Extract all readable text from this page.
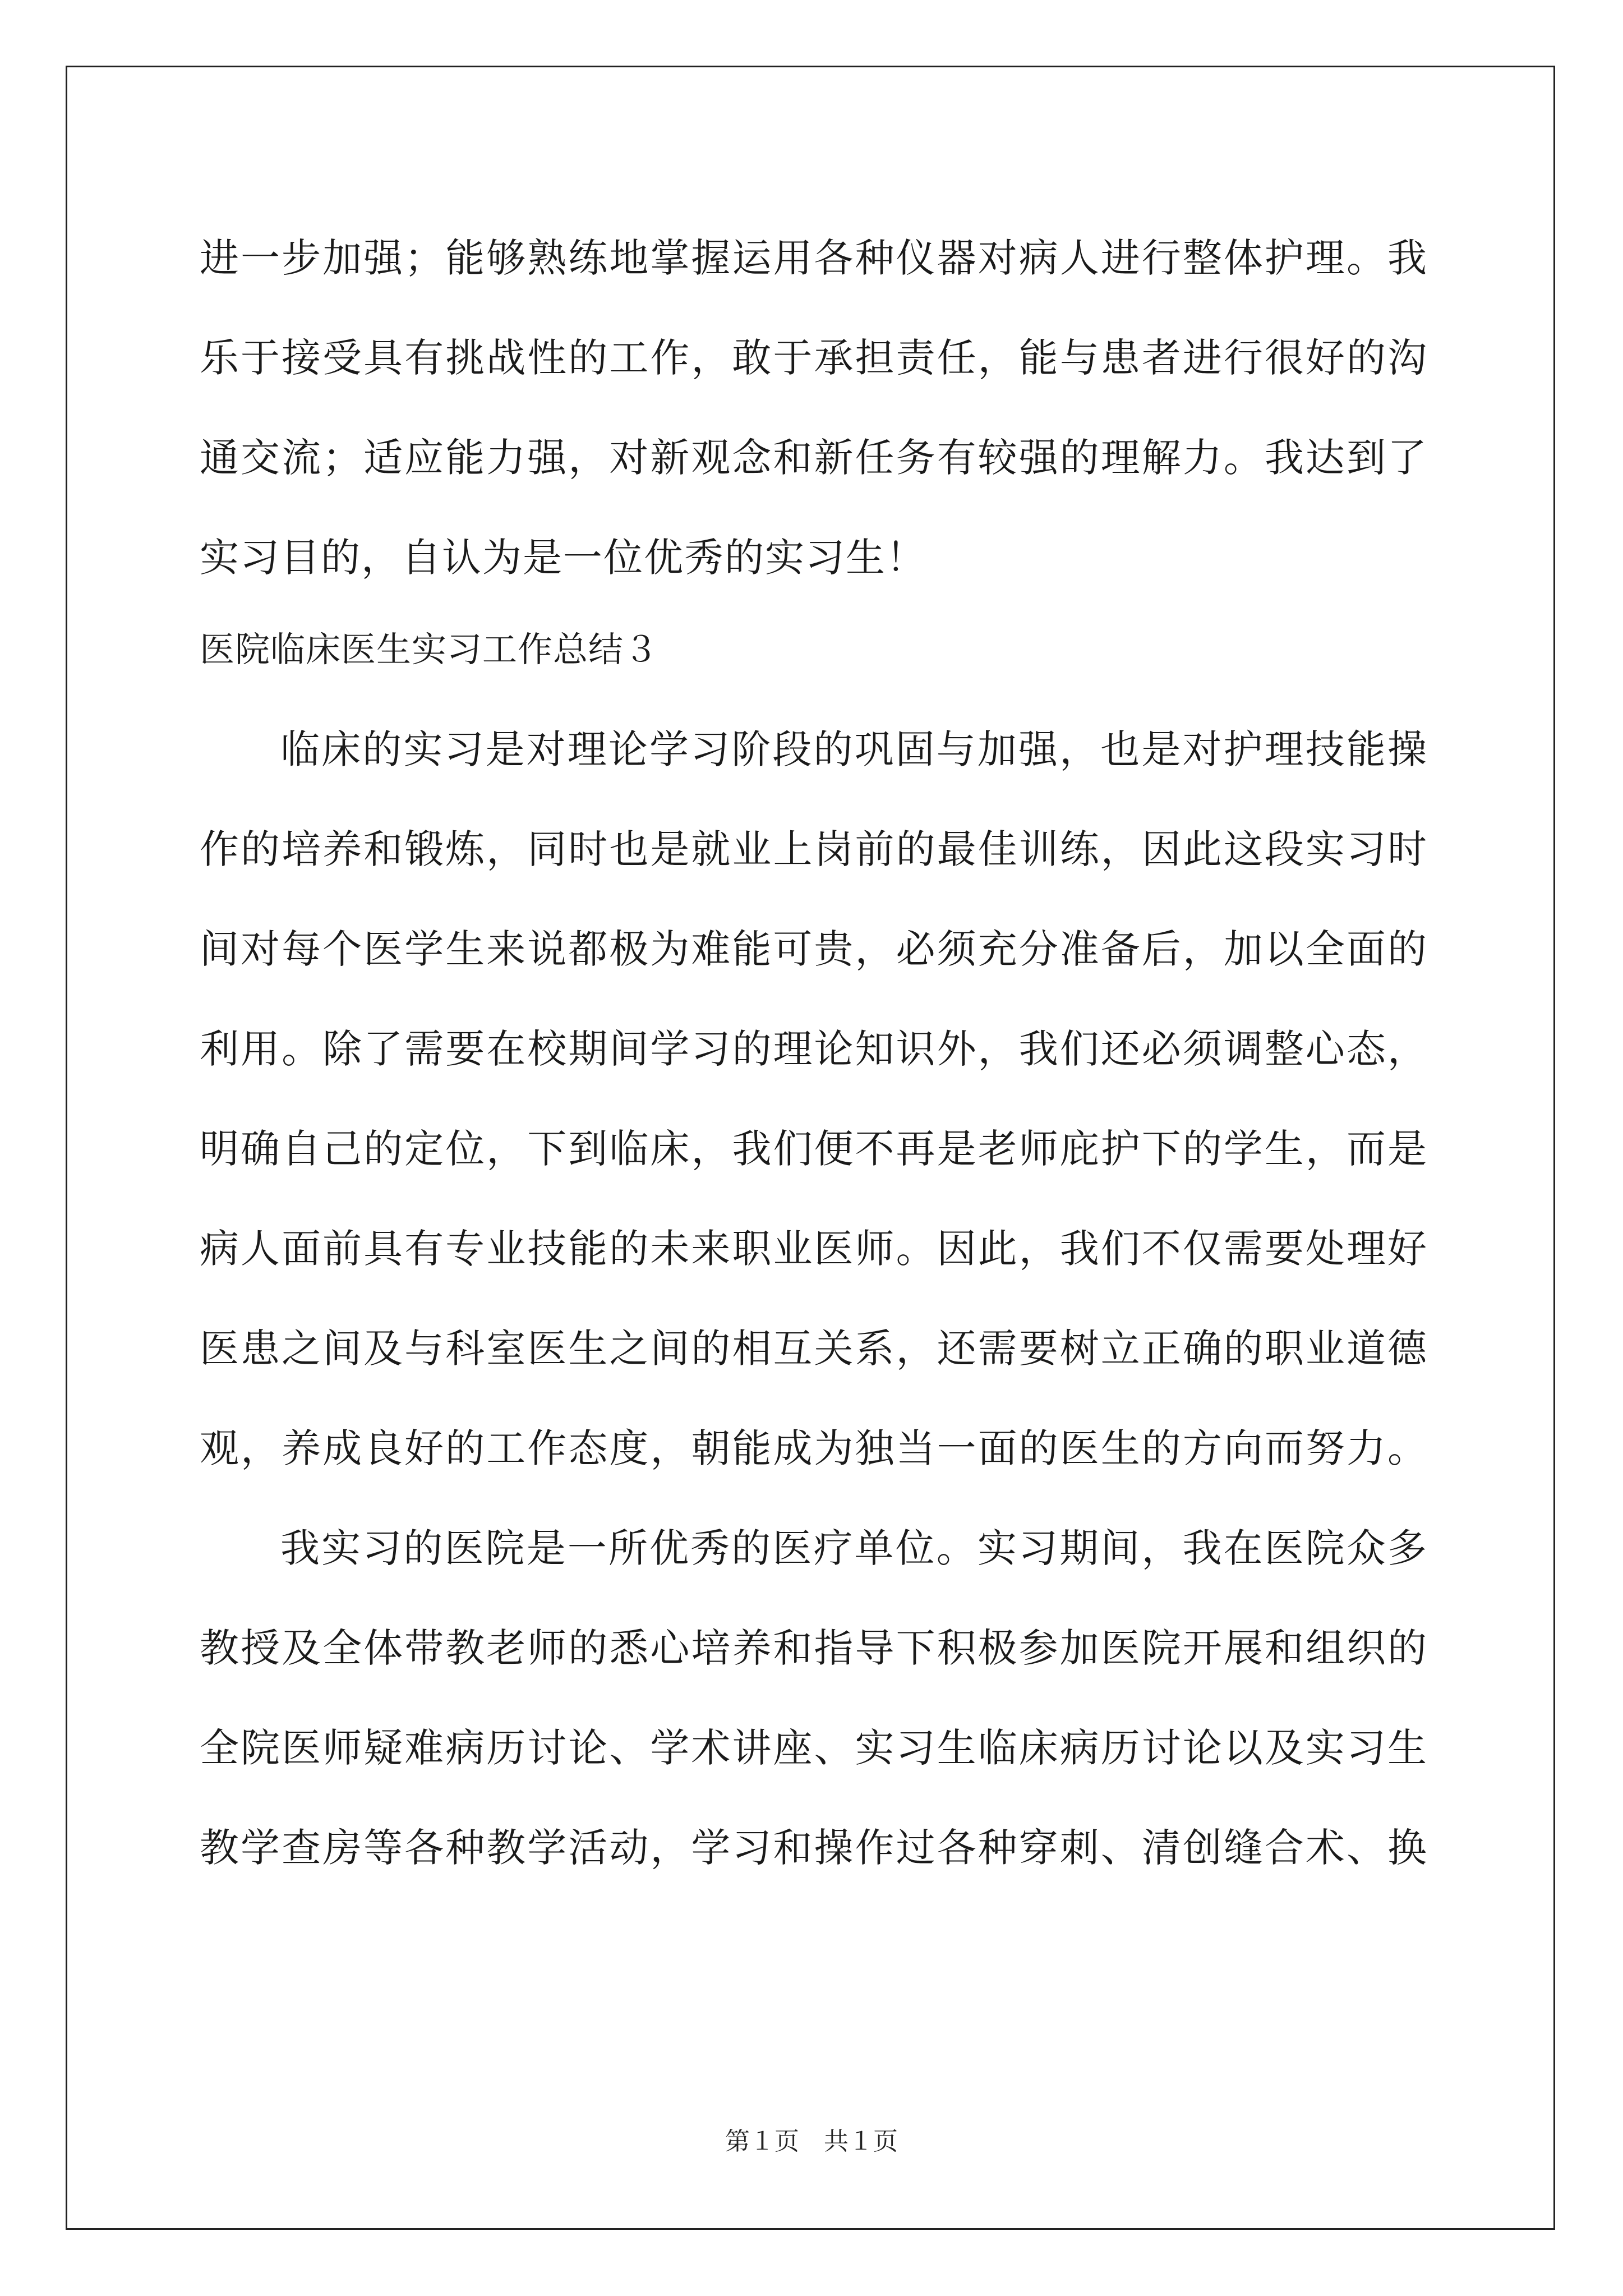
进一步加强；能够熟练地掌握运用各种仪器对病人进行整体护理。我
乐于接受具有挑战性的工作，敢于承担责任，能与患者进行很好的沟
通交流；适应能力强，对新观念和新任务有较强的理解力。我达到了
实习目的，自认为是一位优秀的实习生！
医院临床医生实习工作总结３
临床的实习是对理论学习阶段的巩固与加强，也是对护理技能操
作的培养和锻炼，同时也是就业上岗前的最佳训练，因此这段实习时
间对每个医学生来说都极为难能可贵，必须充分准备后，加以全面的
利用。除了需要在校期间学习的理论知识外，我们还必须调整心态，
明确自己的定位，下到临床，我们便不再是老师庇护下的学生，而是
病人面前具有专业技能的未来职业医师。因此，我们不仅需要处理好
医患之间及与科室医生之间的相互关系，还需要树立正确的职业道德
观，养成良好的工作态度，朝能成为独当一面的医生的方向而努力。
我实习的医院是一所优秀的医疗单位。实习期间，我在医院众多
教授及全体带教老师的悉心培养和指导下积极参加医院开展和组织的
全院医师疑难病历讨论、学术讲座、实习生临床病历讨论以及实习生
教学查房等各种教学活动，学习和操作过各种穿刺、清创缝合术、换
第１页　共１页
